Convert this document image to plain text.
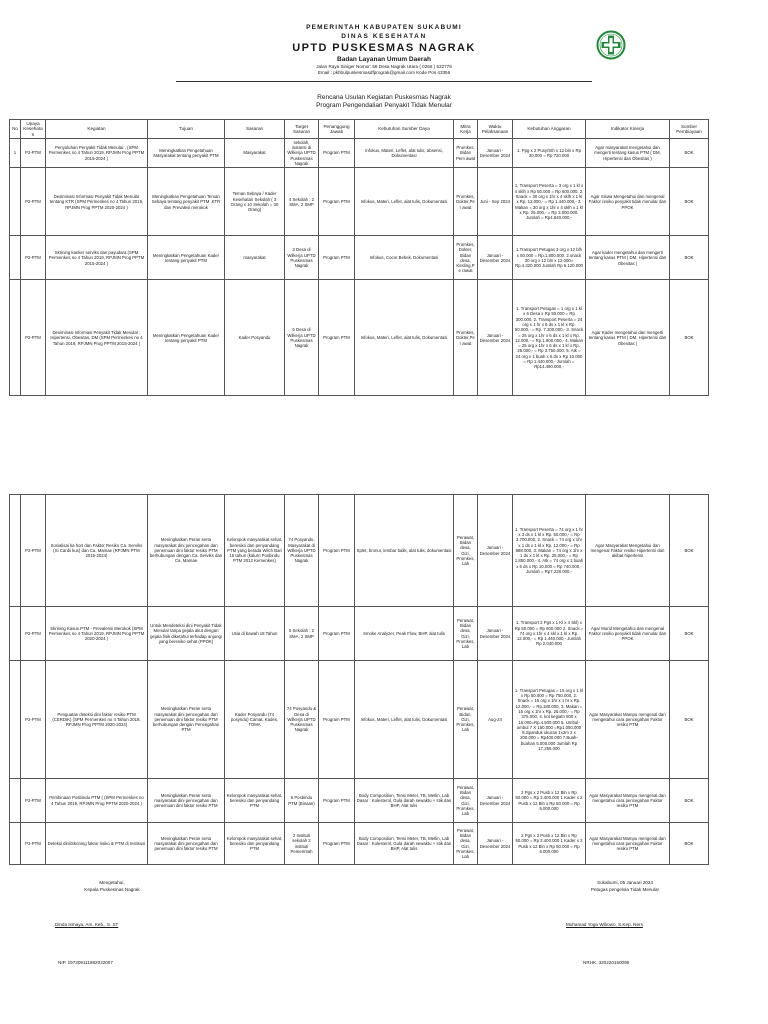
PEMERINTAH KABUPATEN SUKABUMI
DINAS KESEHATAN
UPTD PUSKESMAS NAGRAK
Badan Layanan Umum Daerah
Jalan Raya Siniger Nomor: 56 Desa Nagrak Utara ( 0266 ) 532779
Email : pkhbulpuskesmasdfprograk@gmail.com Kode Pos 43356
Rencana Usulan Kegiatan Puskesmas Nagrak
Program Pengendalian Penyakit Tidak Menular
No	Upaya Kesehatan	Kegiatan	Tujuan	Sasaran	Target Sasaran	Penanggung Jawab	Kebutuhan Sumber Daya	Mitra Kerja	Waktu Pelaksanaan	Kebutuhan Anggaran	Indikator Kinerja	Sumber Pembiayaan
1	P2-PTM	Penyuluhan Penyakit Tidak Menular , (SPM Permenkes no 4 Tahun 2019, RPJMN Prog PPTM 2015-2024 )	Meningkatkan Pengetahuan Masyarakat tentang penyakit PTM	Masyarakat	sekolah, instansi di Wilkerja UPTD Puskesmas Nagrak	Program PTM	Infokus, Materi, Leflet, alat tulis, absensi, Dokumentasi	Promkes, Bidan Pem awat	Januari - Desember 2024	1. Ppg x 2 Pusy/Sth x 12 bln x Rp 30.000 = Rp 720.000	Agar masyarakat mengetahui dan mengerti tentang kasus PTM ( DM, Hipertensi dan Obesitas )	BOK
	P2-PTM	Desiminasi Informasi Penyakit Tidak Menular tentang KTR (SPM Permenkes no 4 Tahun 2019, RPJMN Prog PPTM 2020-2024 )	Meningkatkan Pengetahuan Teman Sebaya tentang penyakit PTM ,KTR dan Prevalesi merokok	Teman Sebaya / Kader Kesehatan Sekolah ( 3 Orang x 10 Sekolah = 30 Orang)	4 Sekolah : 2 SMA, 2 SMP	Program PTM	Infokus, Materi, Leflet, alat tulis, Dokumentasi	Promkes, Dokter,Per awat	Juni - Sep 2024	1. Transport Peserta = 3 org x 1 kl x 4 sklh x Rp 50.000 = Rp 600.000. 2. Snack = 30 org x 1hr x 4 sklh x 1 kl x Rp. 12.000,- = Rp 1.440.000,- 3. Makan = 30 org x 1hr x 4 sklh x 1 kl x Rp. 25.000,- = Rp 3.000.000. Jumlah = Rp4.840.000,-	Agar Siswa Mengetahui dan mengenal Faktor resiko penyakit tidak menular dan PPOK	BOK
	P2-PTM	Skrining kanker serviks dan payudara (SPM Permenkes no 4 Tahun 2019, RPJMN Prog PPTM 2015-2024 )	Meningkatkan Pengetahuan Kader tentang penyakit PTM	masyarakat	3 Desa di Wilkerja UPTD Puskesmas Nagrak	Program PTM	Infokus, Cocor Bebek. Dokumentasi	Promkes, Dokter, Bidan desa, Kesling,Pe rawat	Januari - Desember 2024	1.Transport Petugas 3 org x 12 blh x 50.000 = Rp.1.800.000. 2.snack 30 org x 12 bln x 12.000= Rp.4.320.000 Jumlah Rp 6.120.000	Agar kader mengetahui dan mengerti tentang kasus PTM ( DM, Hipertensi dan Obesitas )	BOK
	P2-PTM	Desiminasi Informasi Penyakit Tidak Menular ; Hipertensi, Obesitas, DM (SPM Permenkes no 4 Tahun 2019, RPJMN Prog PPTM 2015-2024 )	Meningkatkan Pengetahuan Kader tentang penyakit PTM	Kader Posyandu	6 Desa di Wilkerja UPTD Puskesmas Nagrak	Program PTM	Infokus, Materi, Leflet, alat tulis, Dokumentasi	Promkes, Dokter,Per awat	Januari - Desember 2024	1. Transport Petugas = 1 org x 1 kl x 6 Desa x Rp 50.000 = Rp 300.000, 2. Transport Peserta = 24 org x 1 hr x 6 ds x 1 kl x Rp. 50.000,- = Rp. 7.200.000,- 3. Snack = 25 org x 1hr x 6 ds x 1 kl x Rp. 12.000,- = Rp.1.800.000,- 4. Makan = 25 org x 1hr x 6 ds x 1 kl x Rp. 25.000,- = Rp 3.750.000. 5. Atk = 24 org x 1 buah x 6 ds x Rp 10.000 = Rp 1.440.000,- Jumlah = Rp14.490.000,-	Agar Kader mengetahui dan mengerti tentang kasus PTM ( DM, Hipertensi dan Obesitas )	BOK
	P2-PTM	Sosialisai ka hort dan Faktor Resiko Ca. Serviks (Si Canbi kus) dan Ca. Mamae (RPJMN PTM 2015-2024)	Meningkatkan Peran serta masyarakat dini pencegahan dan penemuan dini faktor resiko PTM berhubungan dengan Ca. Serviks dan Ca. Mamae	Kelompok masyarakat sehat, beresiko dan penyandang PTM yang berada Wilch Bari 15 tahun (kalurn Posbindu PTM 2012 Kemenkes)	74 Posyandu, Masyarakat di Wilkerja UPTD Puskesmas Nagrak	Program PTM	Splet, bronur, lembar balik, alat tulis, dokumentasi	Perawat, Bidan desa, Gizi, Promkes, Lab	Januari - Desember 2024	1. Transport Peserta = 74 org x 1 hr x 3 ds x 1 kl x Rp. 50.000,- = Rp 3.700.000, 2. Snack = 74 org x 1hr x 1 ds x 1 kl x Rp. 12.000,- = Rp 888.000, 3. Makan = 74 org x 1hr x 1 ds x 1 kl x Rp. 25.000,- = Rp 1.850.000,- 4. Atk = 74 org x 1 buah x 6 ds x Rp 10.000 = Rp 740.000,- Jumlah = Rp7.228.000,-	Agar Masyarakat Mengetahui dan mengenal Faktor resiko Hipertensi dan akibat hipertensi	BOK
	P2-PTM	Skrining Kasus PTM - Prevalensi Merokok (SPM Permenkes no 4 Tahun 2019, RPJMN Prog PPTM 2020-2024 )	Untuk Mendeteksi dini Penyakit Tidak Menular tanpa gejala akut dengan gejala fisik diketahui terhadap anjungi yang beresiko sehat (PPOK)	Usia di bawah 18 Tahun	5 Sekolah : 2 SMA, 2 SMP	Program PTM	Smoke Analyzer, Peak Flow, BHP, alat tulis	Perawat, Bidan desa, Gizi, Promkes, Lab	Januari - Desember 2024	1. Transport 3 Pgs x 1 Kl x 4 Skl) x Rp 50.000 = Rp 600.000 2. Snack = 74 org x 1hr x 4 skl x 1 kl x Rp. 12.000,- = Rp 1.440.000,- Jumlah Rp 2.040.000	Agar Murid Mengetahui dan mengenal Faktor resiko penyakit tidak menular dan PPOK	BOK
	P2-PTM	Penguatan deteksi dini faktor resiko PTM (CERDIK) (SPM Permenkes no 4 Tahun 2019, RPJMN Prog PPTM 2020-2024)	Meningkatkan Peran serta masyarakat dini pencegahan dan penemuan dini faktor resiko PTM berhubungan dengan Pencegahan PTM	Kader Posyandu (74 posyndu) Camat, Kades, TOMA	74 Posyandu & Desa di Wilkerja UPTD Puskesmas Nagrak	Program PTM	Infokus, Materi, Leflet, alat tulis, Dokumentasi	Perawat, Bidan, Gizi, Promkes, Lab	Aug-24	1. Transport Petugas = 15 org x 1 kl x Rp 50.000 = Rp 750.000, 2. Snack = 15 org x 1hr x 1 hr x Rp. 12.000,- = Rp.180.000, 3. Makan = 15 org x 1hr x Rp. 25.000,- = Rp 375.000, 4. kot kegiatn 800 x 15.000=Rp.4.500.000 5. Umbul-umbul 7 X 150.000 =Rp1.050.000 6.Spanduk ukuran 1x2m 2 x 200.000 = Rp400.000 7.Buah-buahan 5.000.000 Jumlah Rp 17.255.000	Agar Masyarakat Mampu mengenal dan mengetahui cara pencegahan Faktor resiko PTM	BOK
	P2-PTM	Pembinaan Posbindu PTM ( (SPM Permenkes no 4 Tahun 2019, RPJMN Prog PPTM 2020-2024 )	Meningkatkan Peran serta masyarakat dini pencegahan dan penemuan dini faktor resiko PTM	Kelompok masyarakat sehat, beresiko dan penyandang PTM	6 Posbindu PTM (Binaan)	Program PTM	Body Composition, Tensi Meter, TB, Metlin, Lab Dasar : Kolesterol, Gula darah sewaktu + stik dan BHP, Alat tulis	Perawat, Bidan desa, Gizi, Promkes, Lab	Januari - Desember 2024	2 Pgs x 2 Pusb x 12 Bln x Rp 50.000 = Rp 2.400.000 1 Kader x 2 Pusb x 12 Bln x Rp 50.000 = Rp 6.000.000	Agar Masyarakat Mampu mengenal dan mengetahui cara pencegahan Faktor resiko PTM	BOK
	P2-PTM	Deteksi dini/Skrining faktor risiko & PTM di Instisusi	Meningkatkan Peran serta masyarakat dini pencegahan dan penemuan dini faktor resiko PTM	Kelompok masyarakat sehat, beresiko dan penyandang PTM	2 Instituti sekolah 2 instituti Pemerintah	Program PTM	Body Composition, Tensi Meter, TB, Metlin, Lab Dasar : Kolesterol, Gula darah sewaktu + stik dan BHP, Alat tulis	Perawat, Bidan desa, Gizi, Promkes, Lab	Januari - Desember 2024	2 Pgs x 2 Pusb x 12 Bln x Rp 50.000 = Rp 2.400.000 1 Kader x 2 Pusb x 12 Bln x Rp 50.000 = Rp 6.000.000	Agar Masyarakat Mampu mengenal dan mengetahui cara pencegahan Faktor resiko PTM	BOK
Mengetahui,
Kepala Puskesmas Nagrak
Dinda Ismaya, Am. Keb., S. ST
NIP. 197309111982032007
Sukabumi, 05 Januari 2024
Petugas pengelola Tidak Menular
Muhamad Yoga Wibowo, S.Kep. Ners
NRHK. 320220160096
